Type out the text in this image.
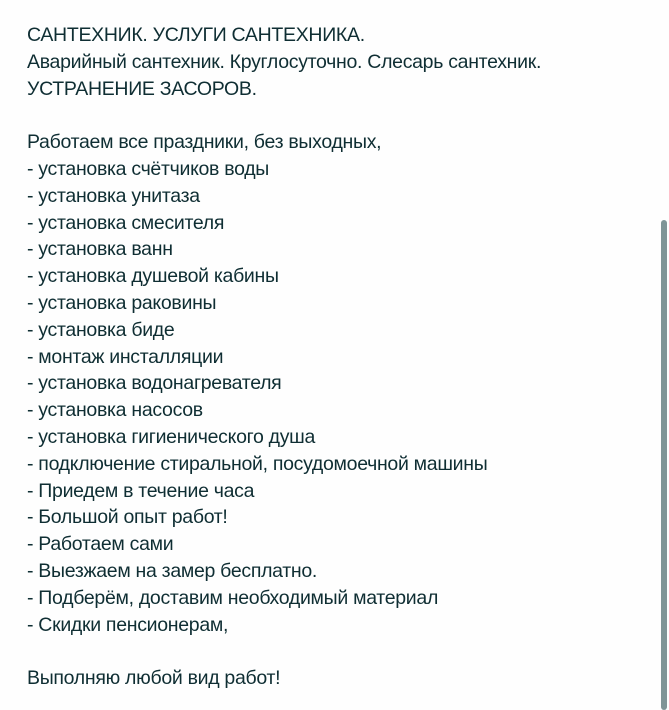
САНТЕХНИК. УСЛУГИ САНТЕХНИКА.
Аварийный сантехник. Круглосуточно. Слесарь сантехник.
УСТРАНЕНИЕ ЗАСОРОВ.
Работаем все праздники, без выходных,
- установка счётчиков воды
- установка унитаза
- установка смесителя
- установка ванн
- установка душевой кабины
- установка раковины
- установка биде
- монтаж инсталляции
- установка водонагревателя
- установка насосов
- установка гигиенического душа
- подключение стиральной, посудомоечной машины
- Приедем в течение часа
- Большой опыт работ!
- Работаем сами
- Выезжаем на замер бесплатно.
- Подберём, доставим необходимый материал
- Скидки пенсионерам,
Выполняю любой вид работ!
